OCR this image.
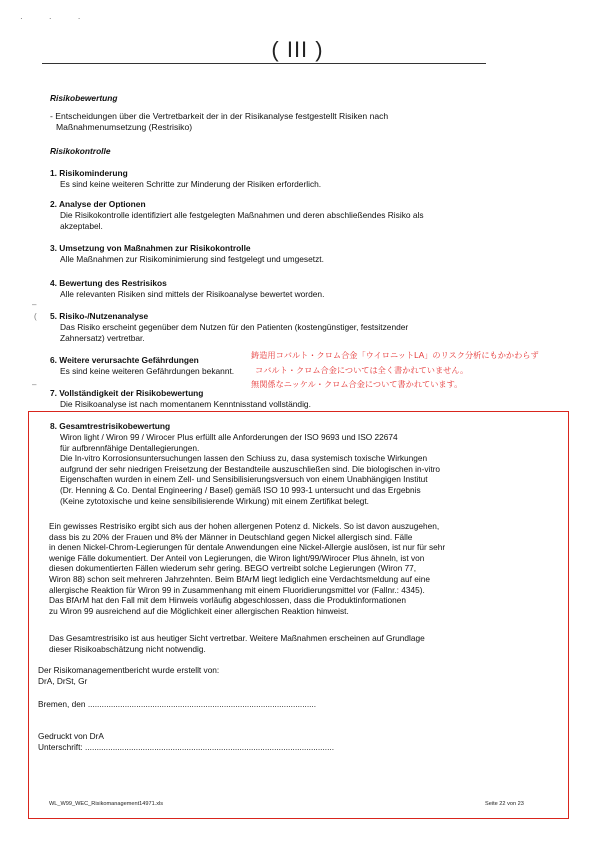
· · ·
( III )
Risikobewertung
- Entscheidungen über die Vertretbarkeit der in der Risikanalyse festgestellt Risiken nach
Maßnahmenumsetzung (Restrisiko)
Risikokontrolle
1. Risikominderung
Es sind keine weiteren Schritte zur Minderung der Risiken erforderlich.
2. Analyse der Optionen
Die Risikokontrolle identifiziert alle festgelegten Maßnahmen und deren abschließendes Risiko als
akzeptabel.
3. Umsetzung von Maßnahmen zur Risikokontrolle
Alle Maßnahmen zur Risikominimierung sind festgelegt und umgesetzt.
4. Bewertung des Restrisikos
Alle relevanten Risiken sind mittels der Risikoanalyse bewertet worden.
–
( 5. Risiko-/Nutzenanalyse
Das Risiko erscheint gegenüber dem Nutzen für den Patienten (kostengünstiger, festsitzender
Zahnersatz) vertretbar.
6. Weitere verursachte Gefährdungen
Es sind keine weiteren Gefährdungen bekannt.
鋳造用コバルト・クロム合金「ウイロニットLA」のリスク分析にもかかわらず
コバルト・クロム合金については全く書かれていません。
無関係なニッケル・クロム合金について書かれています。
–
7. Vollständigkeit der Risikobewertung
Die Risikoanalyse ist nach momentanem Kenntnisstand vollständig.
8. Gesamtrestrisikobewertung
Wiron light / Wiron 99 / Wirocer Plus erfüllt alle Anforderungen der ISO 9693 und ISO 22674
für aufbrennfähige Dentallegierungen.
Die In-vitro Korrosionsuntersuchungen lassen den Schiuss zu, dasa systemisch toxische Wirkungen
aufgrund der sehr niedrigen Freisetzung der Bestandteile auszuschließen sind. Die biologischen in-vitro
Eigenschaften wurden in einem Zell- und Sensibilisierungsversuch von einem Unabhängigen Institut
(Dr. Henning & Co. Dental Engineering / Basel) gemäß ISO 10 993-1 untersucht und das Ergebnis
(Keine zytotoxische und keine sensibilisierende Wirkung) mit einem Zertifikat belegt.
Ein gewisses Restrisiko ergibt sich aus der hohen allergenen Potenz d. Nickels. So ist davon auszugehen,
dass bis zu 20% der Frauen und 8% der Männer in Deutschland gegen Nickel allergisch sind. Fälle
in denen Nickel-Chrom-Legierungen für dentale Anwendungen eine Nickel-Allergie auslösen, ist nur für sehr
wenige Fälle dokumentiert. Der Anteil von Legierungen, die Wiron light/99/Wirocer Plus ähneln, ist von
diesen dokumentierten Fällen wiederum sehr gering. BEGO vertreibt solche Legierungen (Wiron 77,
Wiron 88) schon seit mehreren Jahrzehnten. Beim BfArM liegt lediglich eine Verdachtsmeldung auf eine
allergische Reaktion für Wiron 99 in Zusammenhang mit einem Fluoridierungsmittel vor (Fallnr.: 4345).
Das BfArM hat den Fall mit dem Hinweis vorläufig abgeschlossen, dass die Produktinformationen
zu Wiron 99 ausreichend auf die Möglichkeit einer allergischen Reaktion hinweist.
Das Gesamtrestrisiko ist aus heutiger Sicht vertretbar. Weitere Maßnahmen erscheinen auf Grundlage
dieser Risikoabschätzung nicht notwendig.
Der Risikomanagementbericht wurde erstellt von:
DrA, DrSt, Gr
Bremen, den ...................................................................................................
Gedruckt von DrA
Unterschrift: ............................................................................................................
WL_W99_WEC_Risikomanagement14971.xls	Seite 22 von 23
